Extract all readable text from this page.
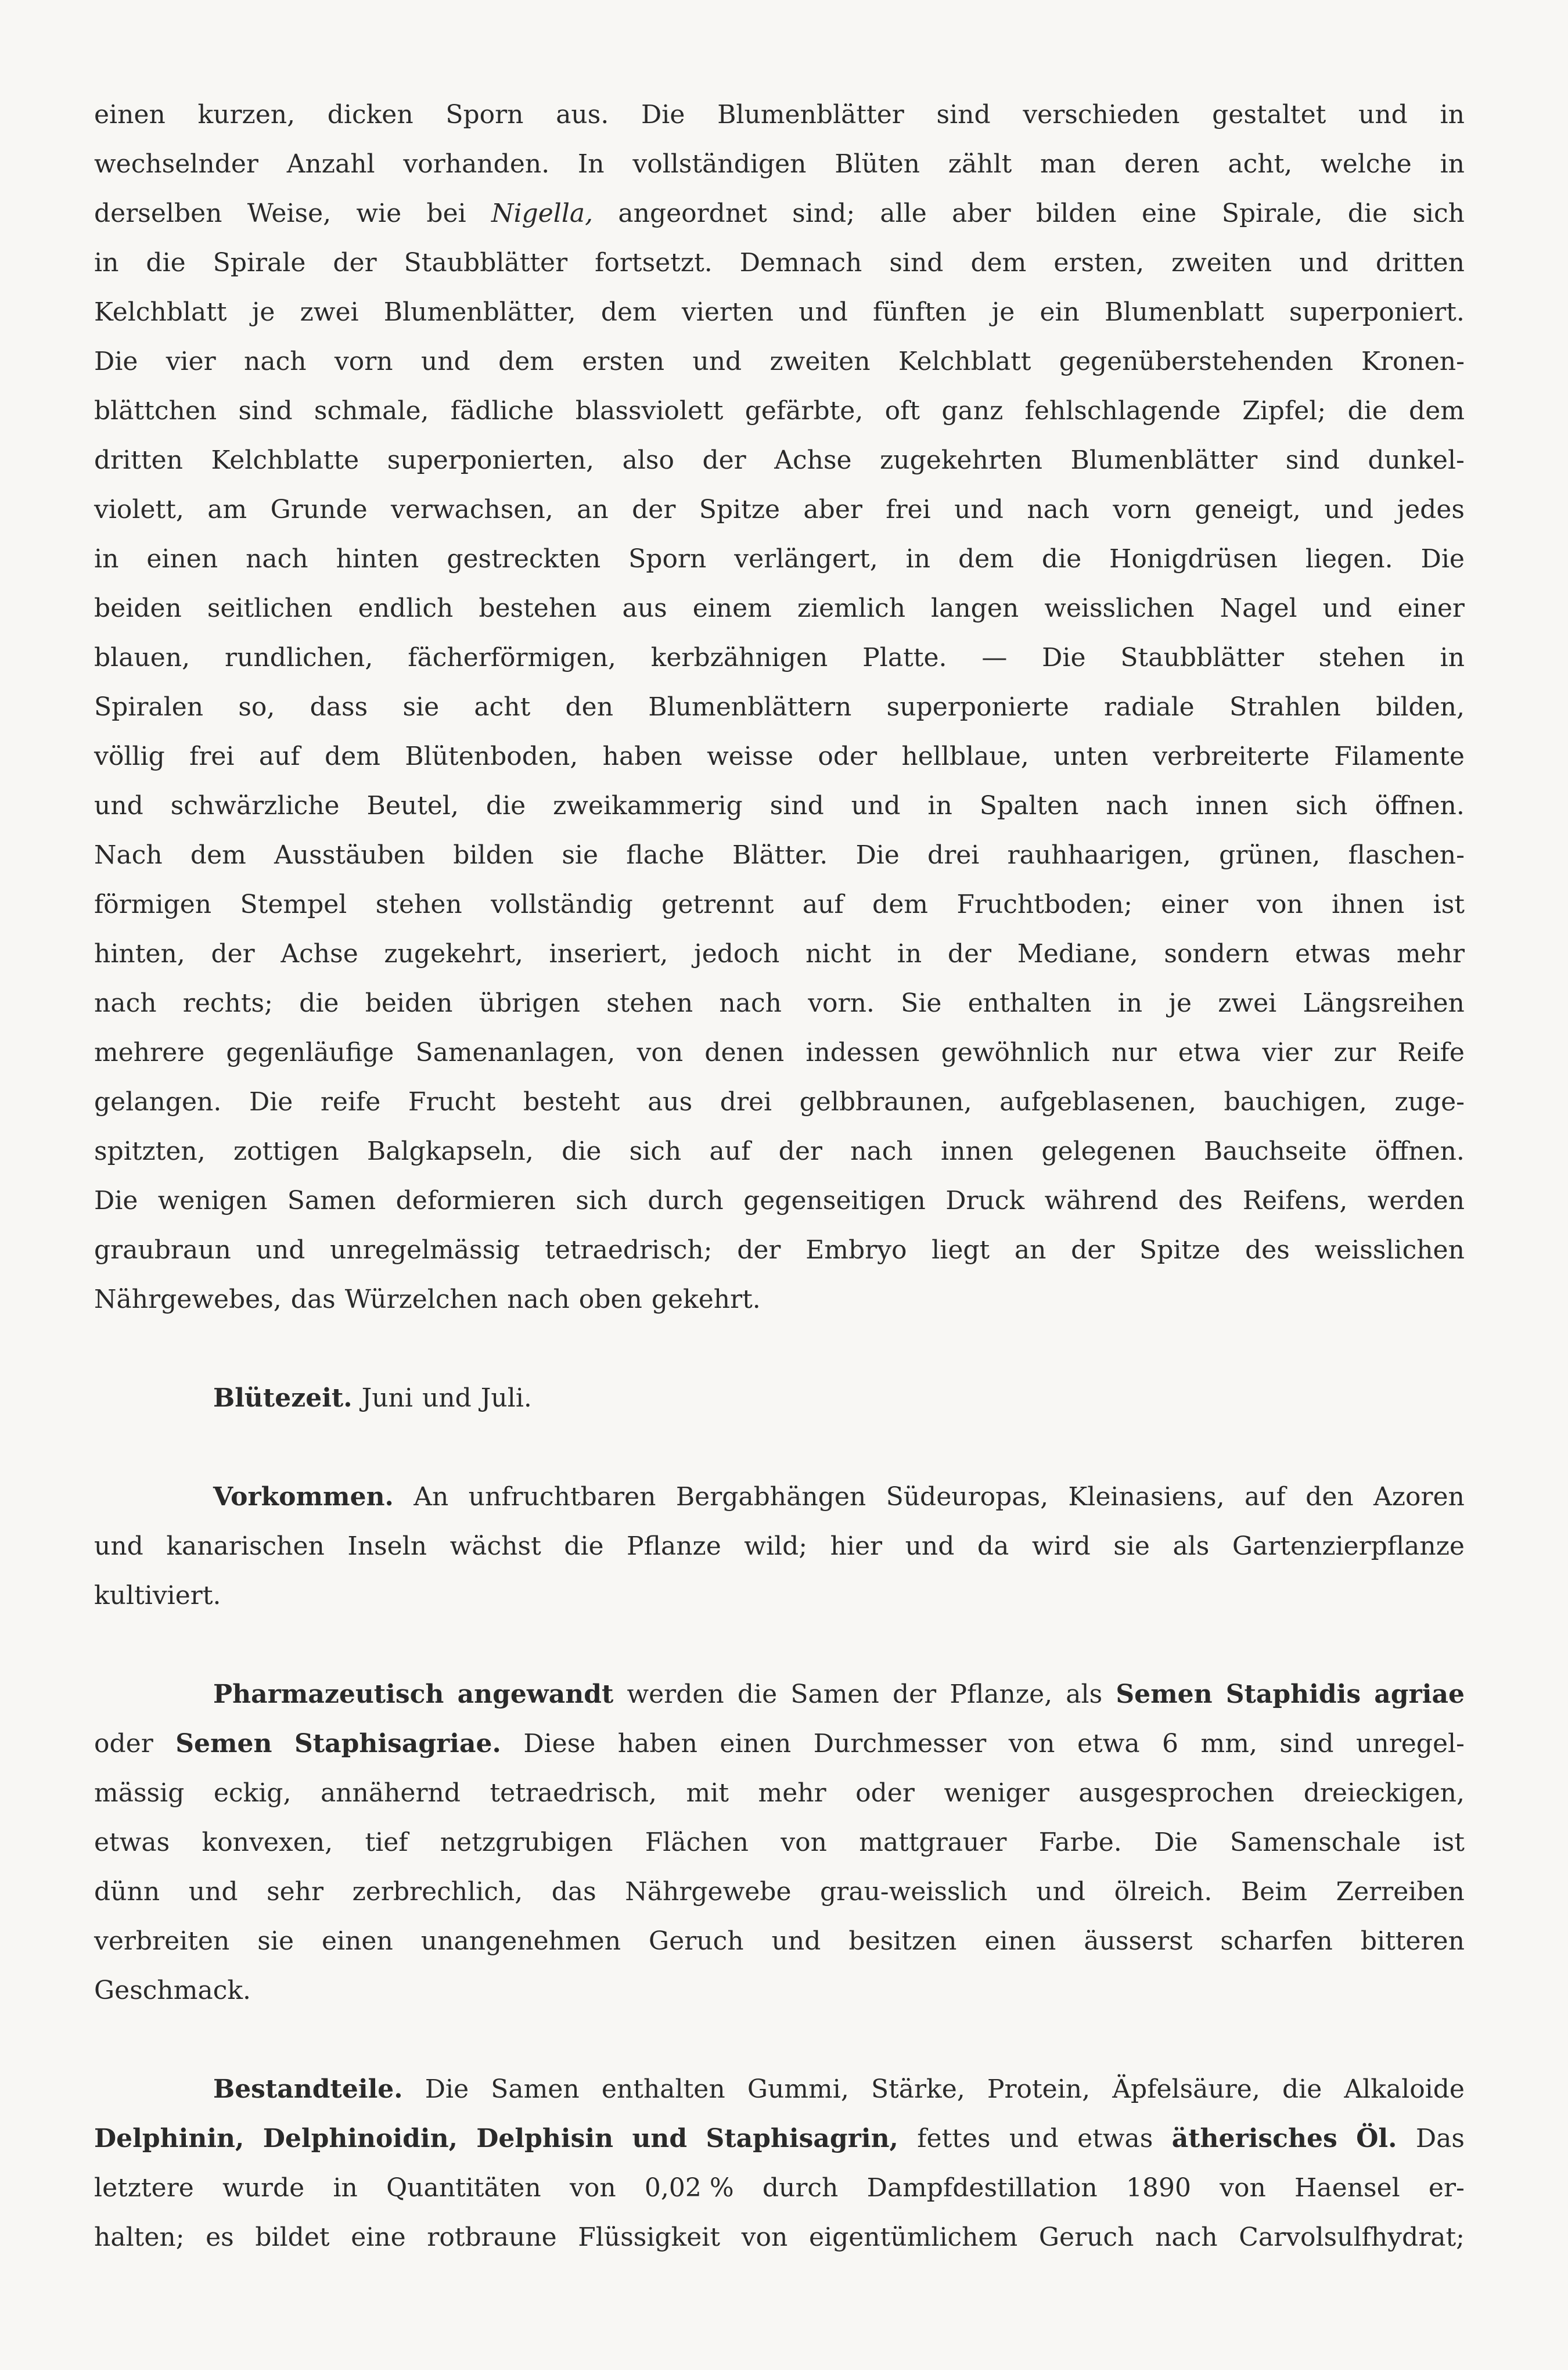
einen kurzen, dicken Sporn aus. Die Blumenblätter sind verschieden gestaltet und in
wechselnder Anzahl vorhanden. In vollständigen Blüten zählt man deren acht, welche in
derselben Weise, wie bei Nigella, angeordnet sind; alle aber bilden eine Spirale, die sich
in die Spirale der Staubblätter fortsetzt. Demnach sind dem ersten, zweiten und dritten
Kelchblatt je zwei Blumenblätter, dem vierten und fünften je ein Blumenblatt superponiert.
Die vier nach vorn und dem ersten und zweiten Kelchblatt gegenüberstehenden Kronen-
blättchen sind schmale, fädliche blassviolett gefärbte, oft ganz fehlschlagende Zipfel; die dem
dritten Kelchblatte superponierten, also der Achse zugekehrten Blumenblätter sind dunkel-
violett, am Grunde verwachsen, an der Spitze aber frei und nach vorn geneigt, und jedes
in einen nach hinten gestreckten Sporn verlängert, in dem die Honigdrüsen liegen. Die
beiden seitlichen endlich bestehen aus einem ziemlich langen weisslichen Nagel und einer
blauen, rundlichen, fächerförmigen, kerbzähnigen Platte. — Die Staubblätter stehen in
Spiralen so, dass sie acht den Blumenblättern superponierte radiale Strahlen bilden,
völlig frei auf dem Blütenboden, haben weisse oder hellblaue, unten verbreiterte Filamente
und schwärzliche Beutel, die zweikammerig sind und in Spalten nach innen sich öffnen.
Nach dem Ausstäuben bilden sie flache Blätter. Die drei rauhhaarigen, grünen, flaschen-
förmigen Stempel stehen vollständig getrennt auf dem Fruchtboden; einer von ihnen ist
hinten, der Achse zugekehrt, inseriert, jedoch nicht in der Mediane, sondern etwas mehr
nach rechts; die beiden übrigen stehen nach vorn. Sie enthalten in je zwei Längsreihen
mehrere gegenläufige Samenanlagen, von denen indessen gewöhnlich nur etwa vier zur Reife
gelangen. Die reife Frucht besteht aus drei gelbbraunen, aufgeblasenen, bauchigen, zuge-
spitzten, zottigen Balgkapseln, die sich auf der nach innen gelegenen Bauchseite öffnen.
Die wenigen Samen deformieren sich durch gegenseitigen Druck während des Reifens, werden
graubraun und unregelmässig tetraedrisch; der Embryo liegt an der Spitze des weisslichen
Nährgewebes, das Würzelchen nach oben gekehrt.
Blütezeit. Juni und Juli.
Vorkommen. An unfruchtbaren Bergabhängen Südeuropas, Kleinasiens, auf den Azoren
und kanarischen Inseln wächst die Pflanze wild; hier und da wird sie als Gartenzierpflanze
kultiviert.
Pharmazeutisch angewandt werden die Samen der Pflanze, als Semen Staphidis agriae
oder Semen Staphisagriae. Diese haben einen Durchmesser von etwa 6 mm, sind unregel-
mässig eckig, annähernd tetraedrisch, mit mehr oder weniger ausgesprochen dreieckigen,
etwas konvexen, tief netzgrubigen Flächen von mattgrauer Farbe. Die Samenschale ist
dünn und sehr zerbrechlich, das Nährgewebe grau-weisslich und ölreich. Beim Zerreiben
verbreiten sie einen unangenehmen Geruch und besitzen einen äusserst scharfen bitteren
Geschmack.
Bestandteile. Die Samen enthalten Gummi, Stärke, Protein, Äpfelsäure, die Alkaloide
Delphinin, Delphinoidin, Delphisin und Staphisagrin, fettes und etwas ätherisches Öl. Das
letztere wurde in Quantitäten von 0,02 % durch Dampfdestillation 1890 von Haensel er-
halten; es bildet eine rotbraune Flüssigkeit von eigentümlichem Geruch nach Carvolsulfhydrat;
